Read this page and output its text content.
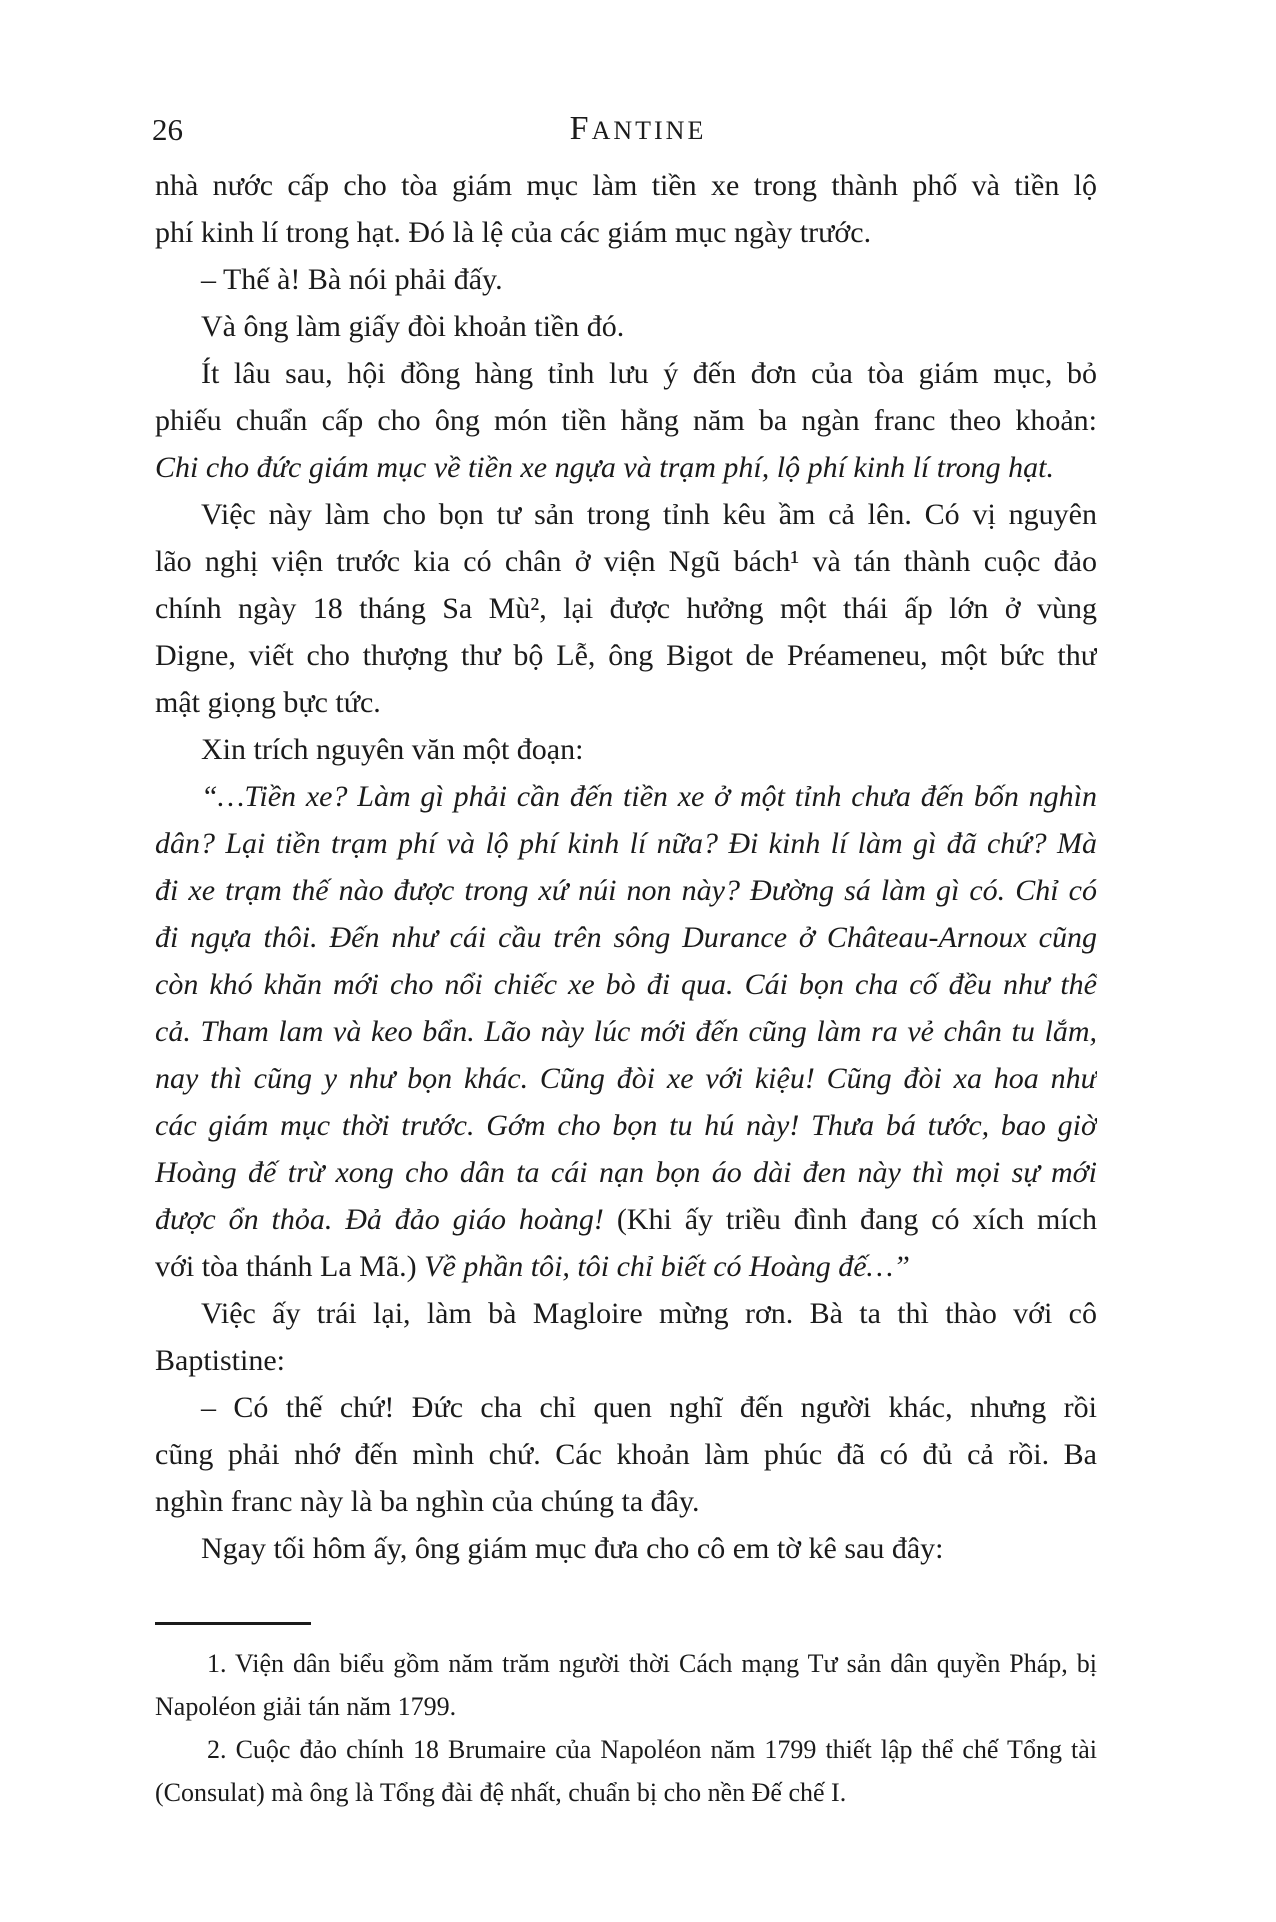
26	FANTINE
nhà nước cấp cho tòa giám mục làm tiền xe trong thành phố và tiền lộ
phí kinh lí trong hạt. Đó là lệ của các giám mục ngày trước.
– Thế à! Bà nói phải đấy.
Và ông làm giấy đòi khoản tiền đó.
Ít lâu sau, hội đồng hàng tỉnh lưu ý đến đơn của tòa giám mục, bỏ
phiếu chuẩn cấp cho ông món tiền hằng năm ba ngàn franc theo khoản:
Chi cho đức giám mục về tiền xe ngựa và trạm phí, lộ phí kinh lí trong hạt.
Việc này làm cho bọn tư sản trong tỉnh kêu ầm cả lên. Có vị nguyên
lão nghị viện trước kia có chân ở viện Ngũ bách¹ và tán thành cuộc đảo
chính ngày 18 tháng Sa Mù², lại được hưởng một thái ấp lớn ở vùng
Digne, viết cho thượng thư bộ Lễ, ông Bigot de Préameneu, một bức thư
mật giọng bực tức.
Xin trích nguyên văn một đoạn:
“…Tiền xe? Làm gì phải cần đến tiền xe ở một tỉnh chưa đến bốn nghìn
dân? Lại tiền trạm phí và lộ phí kinh lí nữa? Đi kinh lí làm gì đã chứ? Mà
đi xe trạm thế nào được trong xứ núi non này? Đường sá làm gì có. Chỉ có
đi ngựa thôi. Đến như cái cầu trên sông Durance ở Château-Arnoux cũng
còn khó khăn mới cho nổi chiếc xe bò đi qua. Cái bọn cha cố đều như thế
cả. Tham lam và keo bẩn. Lão này lúc mới đến cũng làm ra vẻ chân tu lắm,
nay thì cũng y như bọn khác. Cũng đòi xe với kiệu! Cũng đòi xa hoa như
các giám mục thời trước. Gớm cho bọn tu hú này! Thưa bá tước, bao giờ
Hoàng đế trừ xong cho dân ta cái nạn bọn áo dài đen này thì mọi sự mới
được ổn thỏa. Đả đảo giáo hoàng! (Khi ấy triều đình đang có xích mích
với tòa thánh La Mã.) Về phần tôi, tôi chỉ biết có Hoàng đế…”
Việc ấy trái lại, làm bà Magloire mừng rơn. Bà ta thì thào với cô
Baptistine:
– Có thế chứ! Đức cha chỉ quen nghĩ đến người khác, nhưng rồi
cũng phải nhớ đến mình chứ. Các khoản làm phúc đã có đủ cả rồi. Ba
nghìn franc này là ba nghìn của chúng ta đây.
Ngay tối hôm ấy, ông giám mục đưa cho cô em tờ kê sau đây:
1. Viện dân biểu gồm năm trăm người thời Cách mạng Tư sản dân quyền Pháp, bị
Napoléon giải tán năm 1799.
2. Cuộc đảo chính 18 Brumaire của Napoléon năm 1799 thiết lập thể chế Tổng tài
(Consulat) mà ông là Tổng đài đệ nhất, chuẩn bị cho nền Đế chế I.
